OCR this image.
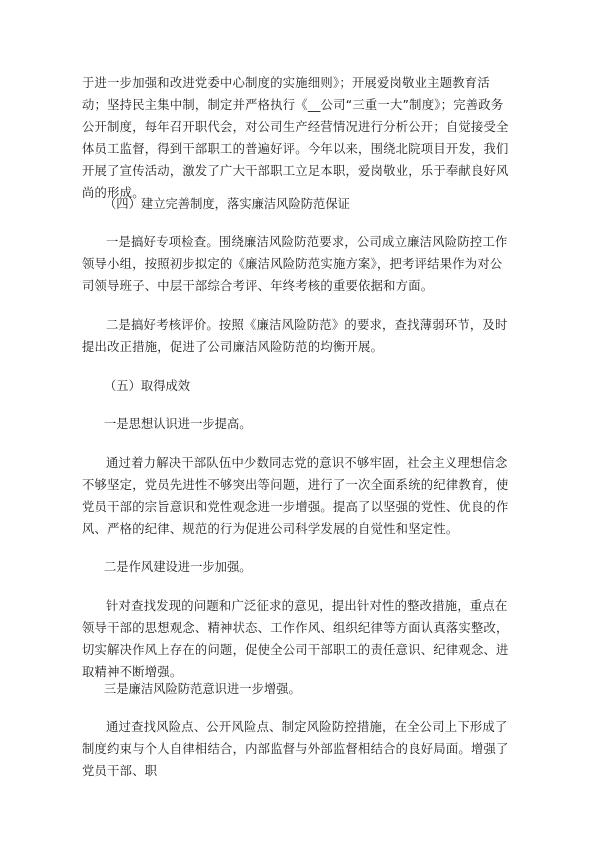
于进一步加强和改进党委中心制度的实施细则》；开展爱岗敬业主题教育活动；坚持民主集中制，制定并严格执行《__公司“三重一大”制度》；完善政务公开制度，每年召开职代会，对公司生产经营情况进行分析公开；自觉接受全体员工监督，得到干部职工的普遍好评。今年以来，围绕北院项目开发，我们开展了宣传活动，激发了广大干部职工立足本职，爱岗敬业，乐于奉献良好风尚的形成。

（四）建立完善制度，落实廉洁风险防范保证

一是搞好专项检查。围绕廉洁风险防范要求，公司成立廉洁风险防控工作领导小组，按照初步拟定的《廉洁风险防范实施方案》，把考评结果作为对公司领导班子、中层干部综合考评、年终考核的重要依据和方面。

二是搞好考核评价。按照《廉洁风险防范》的要求，查找薄弱环节，及时提出改正措施，促进了公司廉洁风险防范的均衡开展。

（五）取得成效

一是思想认识进一步提高。

通过着力解决干部队伍中少数同志党的意识不够牢固，社会主义理想信念不够坚定，党员先进性不够突出等问题，进行了一次全面系统的纪律教育，使党员干部的宗旨意识和党性观念进一步增强。提高了以坚强的党性、优良的作风、严格的纪律、规范的行为促进公司科学发展的自觉性和坚定性。

二是作风建设进一步加强。

针对查找发现的问题和广泛征求的意见，提出针对性的整改措施，重点在领导干部的思想观念、精神状态、工作作风、组织纪律等方面认真落实整改，切实解决作风上存在的问题，促使全公司干部职工的责任意识、纪律观念、进取精神不断增强。

三是廉洁风险防范意识进一步增强。

通过查找风险点、公开风险点、制定风险防控措施，在全公司上下形成了制度约束与个人自律相结合，内部监督与外部监督相结合的良好局面。增强了党员干部、职
